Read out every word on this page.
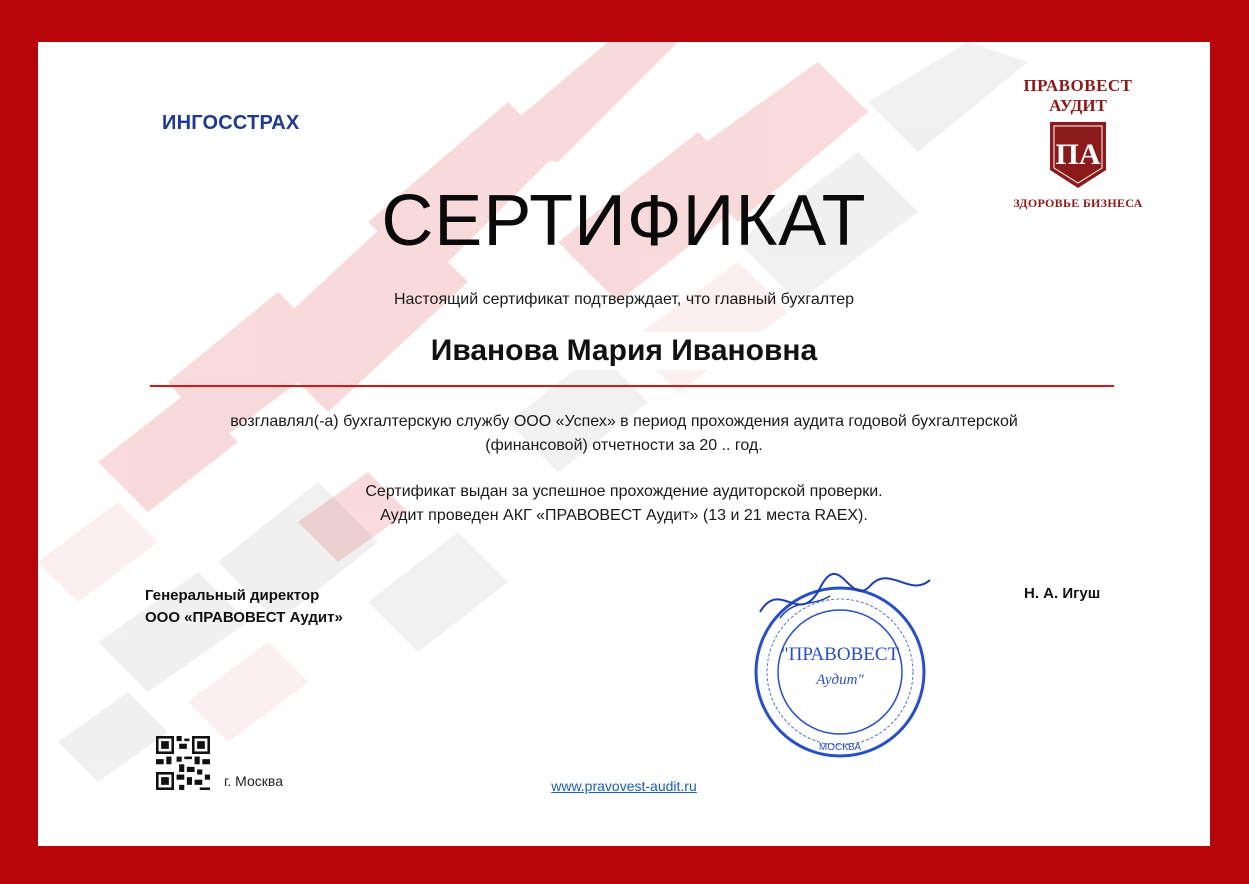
ИНГОССТРАХ
ПРАВОВЕСТ
АУДИТ
ПА
ЗДОРОВЬЕ БИЗНЕСА
СЕРТИФИКАТ
Настоящий сертификат подтверждает, что главный бухгалтер
Иванова Мария Ивановна
возглавлял(-а) бухгалтерскую службу ООО «Успех» в период прохождения аудита годовой бухгалтерской
(финансовой) отчетности за 20 .. год.
Сертификат выдан за успешное прохождение аудиторской проверки.
Аудит проведен АКГ «ПРАВОВЕСТ Аудит» (13 и 21 места RAEX).
Генеральный директор
ООО «ПРАВОВЕСТ Аудит»
"ПРАВОВЕСТ
Аудит"
МОСКВА
Н. А. Игуш
г. Москва	www.pravovest-audit.ru
